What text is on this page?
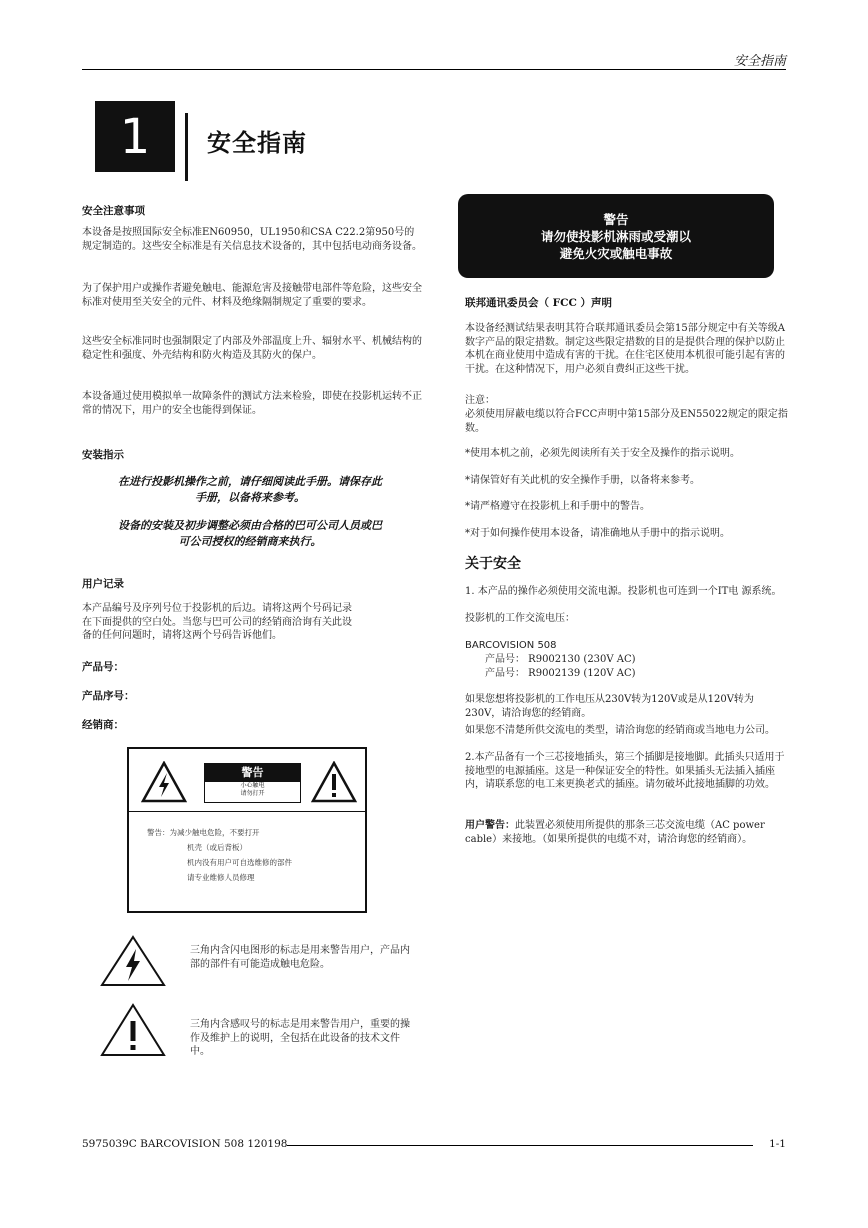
安全指南
1 安全指南
安全注意事项
本设备是按照国际安全标准EN60950，UL1950和CSA C22.2第950号的规定制造的。这些安全标准是有关信息技术设备的，其中包括电动商务设备。
为了保护用户或操作者避免触电、能源危害及接触带电部件等危险，这些安全标准对使用至关安全的元件、材料及绝缘隔制规定了重要的要求。
这些安全标准同时也强制限定了内部及外部温度上升、辐射水平、机械结构的稳定性和强度、外壳结构和防火构造及其防火的保户。
本设备通过使用模拟单一故障条件的测试方法来检验，即使在投影机运转不正常的情况下，用户的安全也能得到保证。
安装指示
在进行投影机操作之前，请仔细阅读此手册。请保存此手册，以备将来参考。
设备的安装及初步调整必须由合格的巴可公司人员或巴可公司授权的经销商来执行。
用户记录
本产品编号及序列号位于投影机的后边。请将这两个号码记录在下面提供的空白处。当您与巴可公司的经销商洽询有关此设备的任何问题时，请将这两个号码告诉他们。
产品号：
产品序号：
经销商：
警告
小心触电
请勿打开
警告：为减少触电危险，不要打开
机壳（或后背板）
机内没有用户可自选维修的部件
请专业维修人员修理
三角内含闪电图形的标志是用来警告用户，产品内部的部件有可能造成触电危险。
三角内含感叹号的标志是用来警告用户，重要的操作及维护上的说明，全包括在此设备的技术文件中。
警告
请勿使投影机淋雨或受潮以
避免火灾或触电事故
联邦通讯委员会（ FCC ）声明
本设备经测试结果表明其符合联邦通讯委员会第15部分规定中有关等级A数字产品的限定措数。制定这些限定措数的目的是提供合理的保护以防止本机在商业使用中造成有害的干扰。在住宅区使用本机很可能引起有害的干扰。在这种情况下，用户必须自费纠正这些干扰。
注意：
必须使用屏蔽电缆以符合FCC声明中第15部分及EN55022规定的限定指数。
*使用本机之前，必须先阅读所有关于安全及操作的指示说明。
*请保管好有关此机的安全操作手册，以备将来参考。
*请严格遵守在投影机上和手册中的警告。
*对于如何操作使用本设备，请准确地从手册中的指示说明。
关于安全
1. 本产品的操作必须使用交流电源。投影机也可连到一个IT电 源系统。
投影机的工作交流电压：
BARCOVISION 508
产品号： R9002130 (230V AC)
产品号： R9002139 (120V AC)
如果您想将投影机的工作电压从230V转为120V或是从120V转为230V，请洽询您的经销商。
如果您不清楚所供交流电的类型，请洽询您的经销商或当地电力公司。
2.本产品备有一个三芯接地插头，第三个插脚是接地脚。此插头只适用于接地型的电源插座。这是一种保证安全的特性。如果插头无法插入插座内，请联系您的电工来更换老式的插座。请勿破坏此接地插脚的功效。
用户警告：此装置必须使用所提供的那条三芯交流电缆（AC power cable）来接地。（如果所提供的电缆不对，请洽询您的经销商）。
5975039C BARCOVISION 508 120198	1-1
